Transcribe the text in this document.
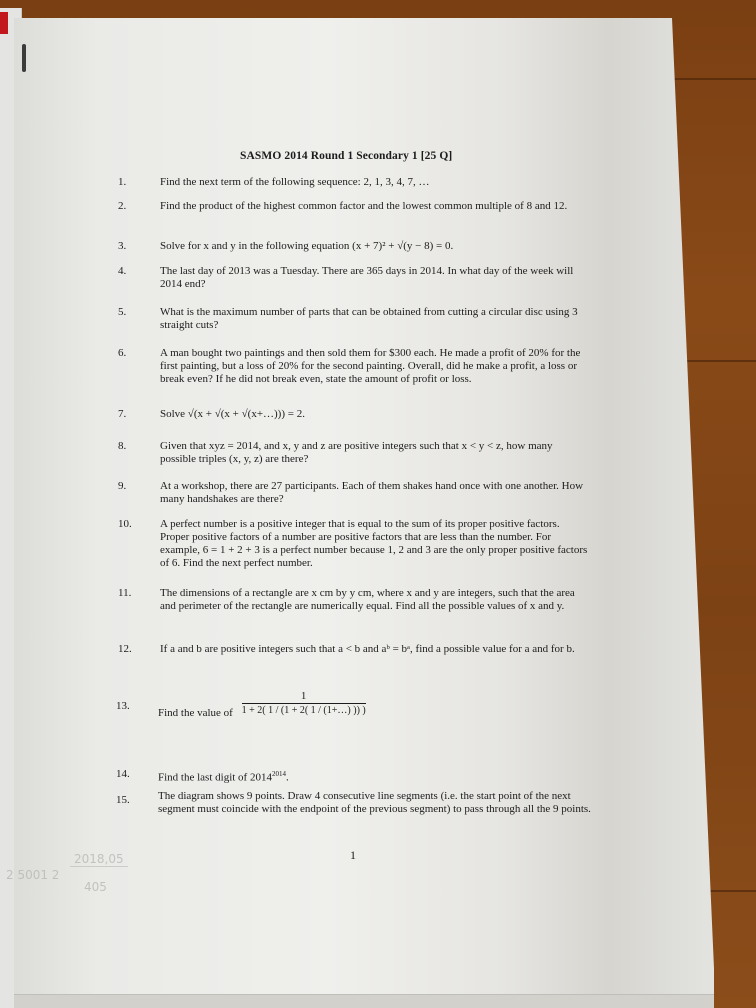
SASMO 2014 Round 1 Secondary 1 [25 Q]
1.	Find the next term of the following sequence: 2, 1, 3, 4, 7, …
2.	Find the product of the highest common factor and the lowest common multiple of 8 and 12.
3.	Solve for x and y in the following equation (x + 7)² + √(y − 8) = 0.
4.	The last day of 2013 was a Tuesday. There are 365 days in 2014. In what day of the week will 2014 end?
5.	What is the maximum number of parts that can be obtained from cutting a circular disc using 3 straight cuts?
6.	A man bought two paintings and then sold them for $300 each. He made a profit of 20% for the first painting, but a loss of 20% for the second painting. Overall, did he make a profit, a loss or break even? If he did not break even, state the amount of profit or loss.
7.	Solve √(x + √(x + √(x+…))) = 2.
8.	Given that xyz = 2014, and x, y and z are positive integers such that x < y < z, how many possible triples (x, y, z) are there?
9.	At a workshop, there are 27 participants. Each of them shakes hand once with one another. How many handshakes are there?
10.	A perfect number is a positive integer that is equal to the sum of its proper positive factors. Proper positive factors of a number are positive factors that are less than the number. For example, 6 = 1 + 2 + 3 is a perfect number because 1, 2 and 3 are the only proper positive factors of 6. Find the next perfect number.
11.	The dimensions of a rectangle are x cm by y cm, where x and y are integers, such that the area and perimeter of the rectangle are numerically equal. Find all the possible values of x and y.
12.	If a and b are positive integers such that a < b and aᵇ = bᵃ, find a possible value for a and for b.
13.
Find the value of $\frac{1}{1 + 2( 1 / (1 + 2( 1 / (1+\dots) )) )}$
14.	Find the last digit of $2014^{2014}$.
15.	The diagram shows 9 points. Draw 4 consecutive line segments (i.e. the start point of the next segment must coincide with the endpoint of the previous segment) to pass through all the 9 points.
1
2 5001 2
2018,05
405
